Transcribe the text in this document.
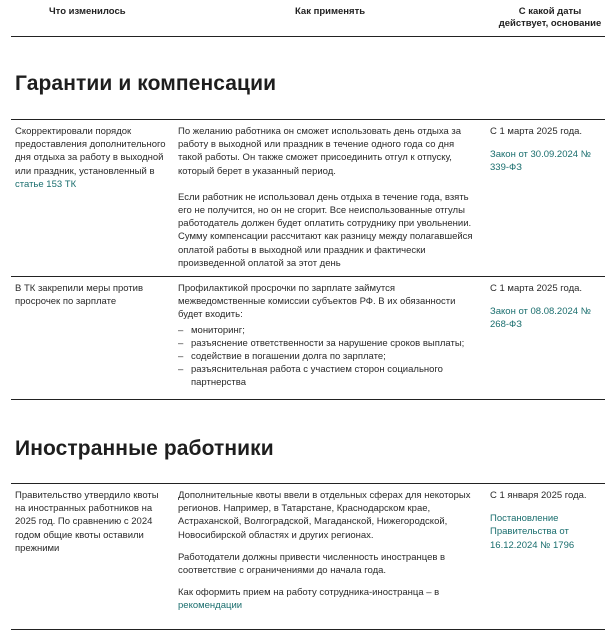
Что изменилось	Как применять	С какой даты
действует, основание
Гарантии и компенсации
Скорректировали порядок предоставления дополнительного дня отдыха за работу в выходной или праздник, установленный в статье 153 ТК

По желанию работника он сможет использовать день отдыха за работу в выходной или праздник в течение одного года со дня такой работы. Он также сможет присоединить отгул к отпуску, который берет в указанный период.

Если работник не использовал день отдыха в течение года, взять его не получится, но он не сгорит. Все неиспользованные отгулы работодатель должен будет оплатить сотруднику при увольнении. Сумму компенсации рассчитают как разницу между полагавшейся оплатой работы в выходной или праздник и фактически произведенной оплатой за этот день

С 1 марта 2025 года.
Закон от 30.09.2024 № 339-ФЗ
В ТК закрепили меры против просрочек по зарплате

Профилактикой просрочки по зарплате займутся межведомственные комиссии субъектов РФ. В их обязанности будет входить:

– мониторинг;
– разъяснение ответственности за нарушение сроков выплаты;
– содействие в погашении долга по зарплате;
– разъяснительная работа с участием сторон социального партнерства
С 1 марта 2025 года.
Закон от 08.08.2024 № 268-ФЗ
Иностранные работники
Правительство утвердило квоты на иностранных работников на 2025 год. По сравнению с 2024 годом общие квоты оставили прежними

Дополнительные квоты ввели в отдельных сферах для некоторых регионов. Например, в Татарстане, Краснодарском крае, Астраханской, Волгоградской, Магаданской, Нижегородской, Новосибирской областях и других регионах.

Работодатели должны привести численность иностранцев в соответствие с ограничениями до начала года.

Как оформить прием на работу сотрудника-иностранца – в рекомендации

С 1 января 2025 года.
Постановление Правительства от 16.12.2024 № 1796
